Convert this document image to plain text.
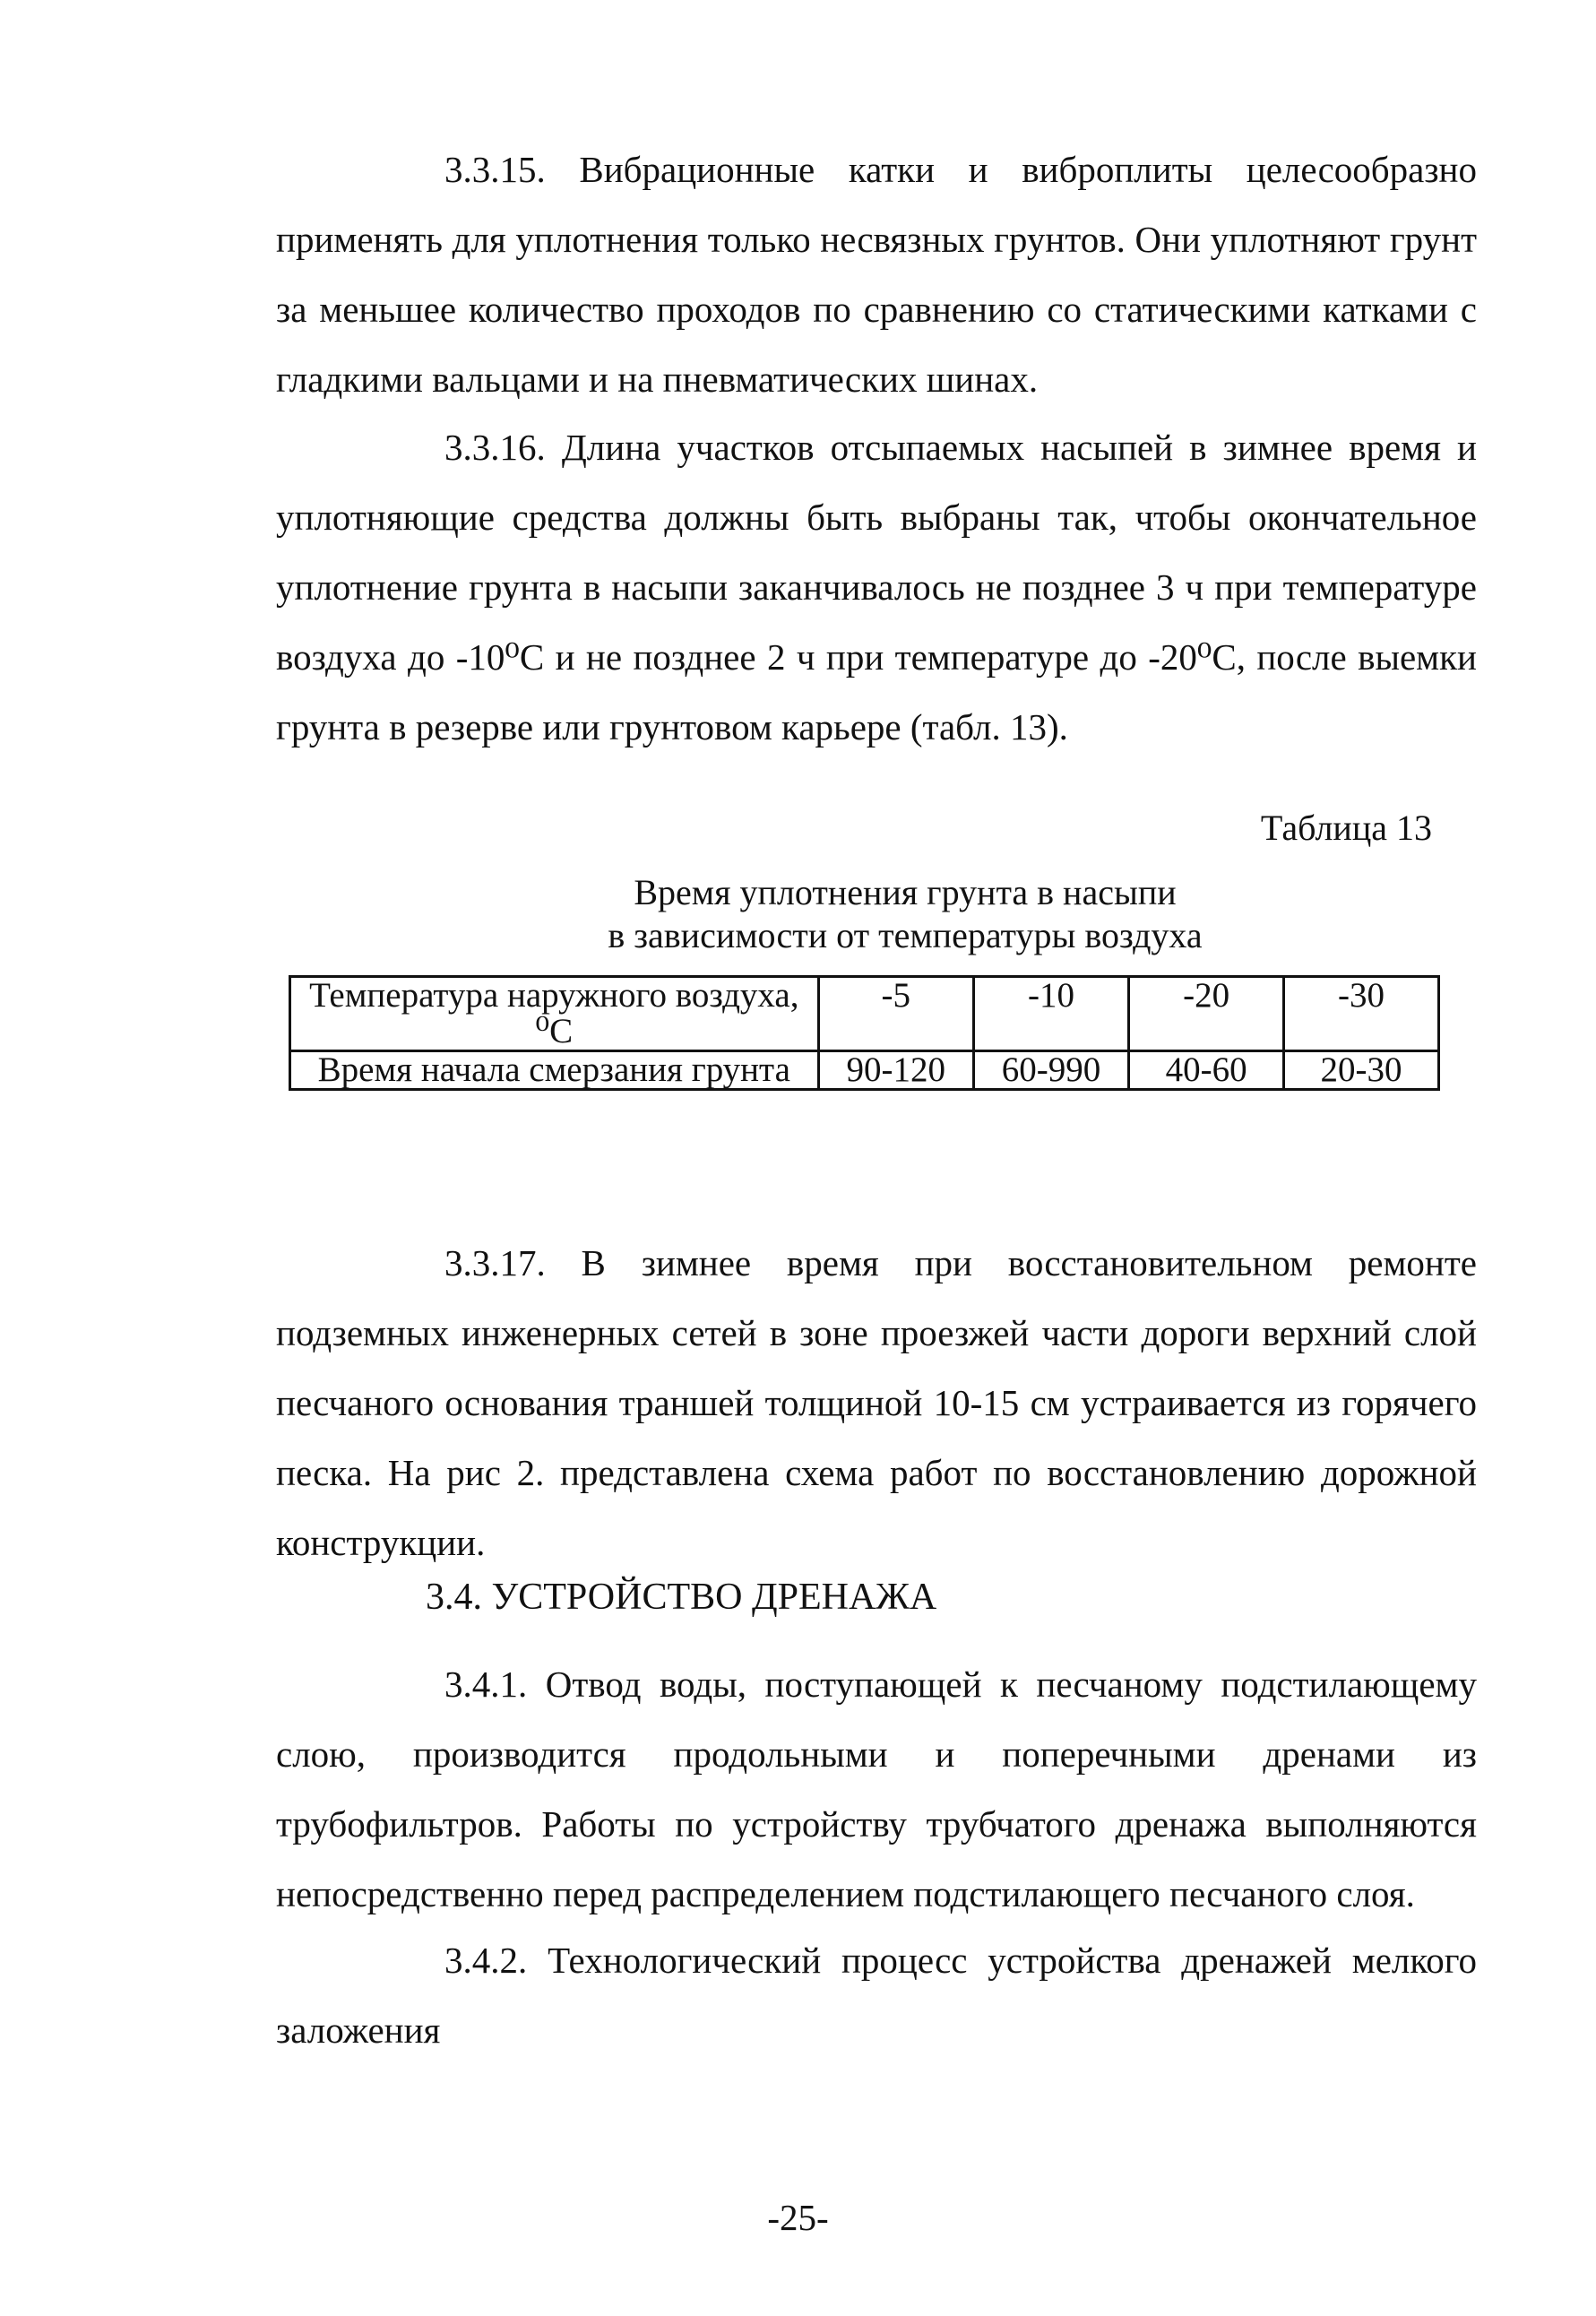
3.3.15. Вибрационные катки и виброплиты целесообразно применять для уплотнения только несвязных грунтов. Они уплотняют грунт за меньшее количество проходов по сравнению со статическими катками с гладкими вальцами и на пневматических шинах.

3.3.16. Длина участков отсыпаемых насыпей в зимнее время и уплотняющие средства должны быть выбраны так, чтобы окончательное уплотнение грунта в насыпи заканчивалось не позднее 3 ч при температуре воздуха до -10⁰С и не позднее 2 ч при температуре до -20⁰С, после выемки грунта в резерве или грунтовом карьере (табл. 13).

Таблица 13
Время уплотнения грунта в насыпи
в зависимости от температуры воздуха
Температура наружного воздуха, ⁰С	-5	-10	-20	-30
Время начала смерзания грунта	90-120	60-990	40-60	20-30

3.3.17. В зимнее время при восстановительном ремонте подземных инженерных сетей в зоне проезжей части дороги верхний слой песчаного основания траншей толщиной 10-15 см устраивается из горячего песка. На рис 2. представлена схема работ по восстановлению дорожной конструкции.

3.4. УСТРОЙСТВО ДРЕНАЖА

3.4.1. Отвод воды, поступающей к песчаному подстилающему слою, производится продольными и поперечными дренами из трубофильтров. Работы по устройству трубчатого дренажа выполняются непосредственно перед распределением подстилающего песчаного слоя.

3.4.2. Технологический процесс устройства дренажей мелкого заложения

-25-
